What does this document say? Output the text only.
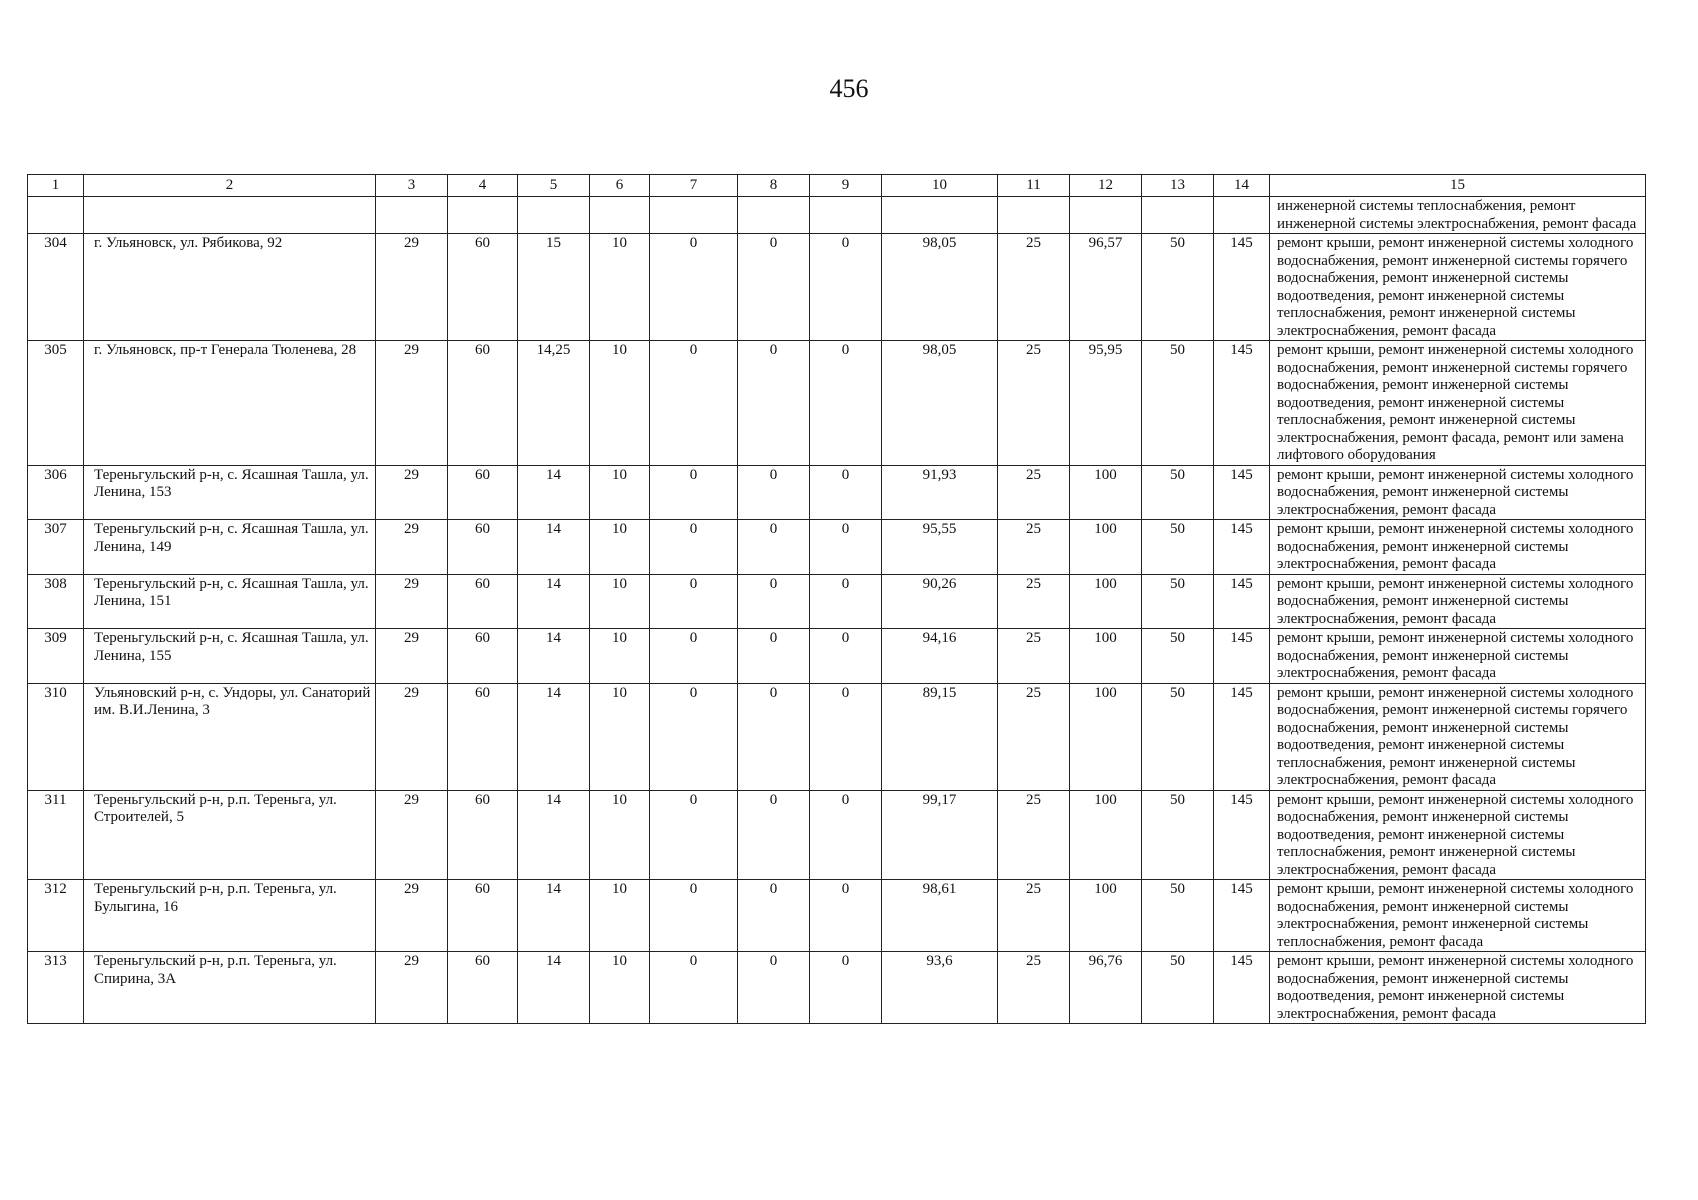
456
1	2	3	4	5	6	7	8	9	10	11	12	13	14	15
														инженерной системы теплоснабжения, ремонт инженерной системы электроснабжения, ремонт фасада
304	г. Ульяновск, ул. Рябикова, 92	29	60	15	10	0	0	0	98,05	25	96,57	50	145	ремонт крыши, ремонт инженерной системы холодного водоснабжения, ремонт инженерной системы горячего водоснабжения, ремонт инженерной системы водоотведения, ремонт инженерной системы теплоснабжения, ремонт инженерной системы электроснабжения, ремонт фасада
305	г. Ульяновск, пр-т Генерала Тюленева, 28	29	60	14,25	10	0	0	0	98,05	25	95,95	50	145	ремонт крыши, ремонт инженерной системы холодного водоснабжения, ремонт инженерной системы горячего водоснабжения, ремонт инженерной системы водоотведения, ремонт инженерной системы теплоснабжения, ремонт инженерной системы электроснабжения, ремонт фасада, ремонт или замена лифтового оборудования
306	Тереньгульский р-н, с. Ясашная Ташла, ул. Ленина, 153	29	60	14	10	0	0	0	91,93	25	100	50	145	ремонт крыши, ремонт инженерной системы холодного водоснабжения, ремонт инженерной системы электроснабжения, ремонт фасада
307	Тереньгульский р-н, с. Ясашная Ташла, ул. Ленина, 149	29	60	14	10	0	0	0	95,55	25	100	50	145	ремонт крыши, ремонт инженерной системы холодного водоснабжения, ремонт инженерной системы электроснабжения, ремонт фасада
308	Тереньгульский р-н, с. Ясашная Ташла, ул. Ленина, 151	29	60	14	10	0	0	0	90,26	25	100	50	145	ремонт крыши, ремонт инженерной системы холодного водоснабжения, ремонт инженерной системы электроснабжения, ремонт фасада
309	Тереньгульский р-н, с. Ясашная Ташла, ул. Ленина, 155	29	60	14	10	0	0	0	94,16	25	100	50	145	ремонт крыши, ремонт инженерной системы холодного водоснабжения, ремонт инженерной системы электроснабжения, ремонт фасада
310	Ульяновский р-н, с. Ундоры, ул. Санаторий им. В.И.Ленина, 3	29	60	14	10	0	0	0	89,15	25	100	50	145	ремонт крыши, ремонт инженерной системы холодного водоснабжения, ремонт инженерной системы горячего водоснабжения, ремонт инженерной системы водоотведения, ремонт инженерной системы теплоснабжения, ремонт инженерной системы электроснабжения, ремонт фасада
311	Тереньгульский р-н, р.п. Тереньга, ул. Строителей, 5	29	60	14	10	0	0	0	99,17	25	100	50	145	ремонт крыши, ремонт инженерной системы холодного водоснабжения, ремонт инженерной системы водоотведения, ремонт инженерной системы теплоснабжения, ремонт инженерной системы электроснабжения, ремонт фасада
312	Тереньгульский р-н, р.п. Тереньга, ул. Булыгина, 16	29	60	14	10	0	0	0	98,61	25	100	50	145	ремонт крыши, ремонт инженерной системы холодного водоснабжения, ремонт инженерной системы электроснабжения, ремонт инженерной системы теплоснабжения, ремонт фасада
313	Тереньгульский р-н, р.п. Тереньга, ул. Спирина, 3А	29	60	14	10	0	0	0	93,6	25	96,76	50	145	ремонт крыши, ремонт инженерной системы холодного водоснабжения, ремонт инженерной системы водоотведения, ремонт инженерной системы электроснабжения, ремонт фасада
